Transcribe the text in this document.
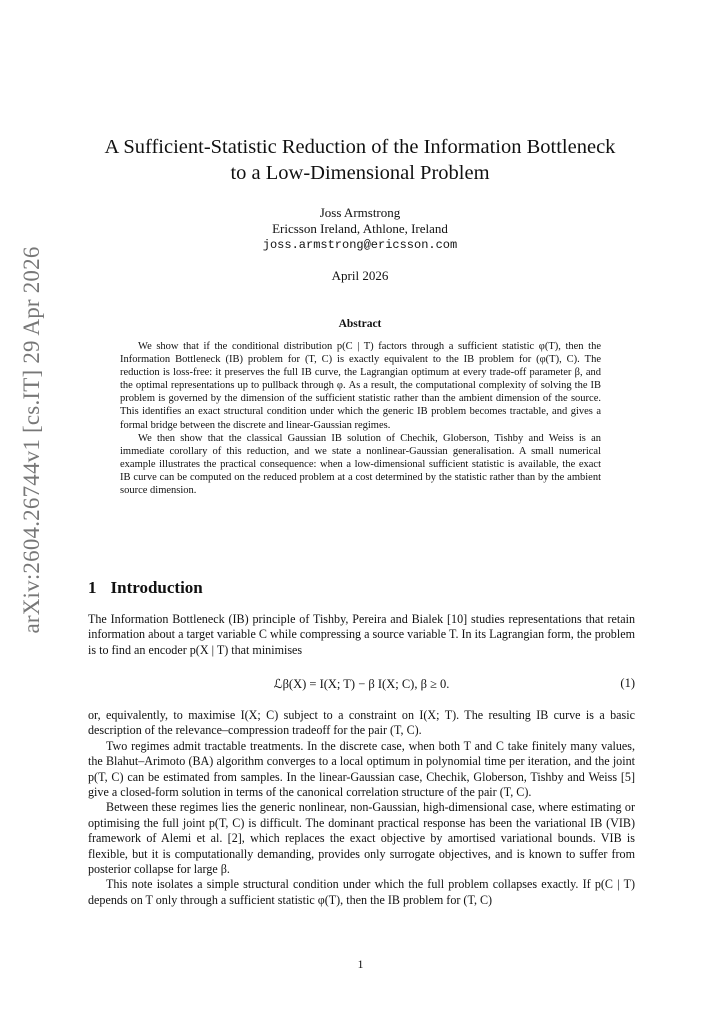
arXiv:2604.26744v1 [cs.IT] 29 Apr 2026
A Sufficient-Statistic Reduction of the Information Bottleneck
to a Low-Dimensional Problem
Joss Armstrong
Ericsson Ireland, Athlone, Ireland
joss.armstrong@ericsson.com
April 2026
Abstract

We show that if the conditional distribution p(C | T) factors through a sufficient statistic φ(T), then the Information Bottleneck (IB) problem for (T, C) is exactly equivalent to the IB problem for (φ(T), C). The reduction is loss-free: it preserves the full IB curve, the Lagrangian optimum at every trade-off parameter β, and the optimal representations up to pullback through φ. As a result, the computational complexity of solving the IB problem is governed by the dimension of the sufficient statistic rather than the ambient dimension of the source. This identifies an exact structural condition under which the generic IB problem becomes tractable, and gives a formal bridge between the discrete and linear-Gaussian regimes.

We then show that the classical Gaussian IB solution of Chechik, Globerson, Tishby and Weiss is an immediate corollary of this reduction, and we state a nonlinear-Gaussian generalisation. A small numerical example illustrates the practical consequence: when a low-dimensional sufficient statistic is available, the exact IB curve can be computed on the reduced problem at a cost determined by the statistic rather than by the ambient source dimension.

1 Introduction

The Information Bottleneck (IB) principle of Tishby, Pereira and Bialek [10] studies representations that retain information about a target variable C while compressing a source variable T. In its Lagrangian form, the problem is to find an encoder p(X | T) that minimises

ℒβ(X) = I(X; T) − β I(X; C), β ≥ 0.	(1)

or, equivalently, to maximise I(X; C) subject to a constraint on I(X; T). The resulting IB curve is a basic description of the relevance–compression tradeoff for the pair (T, C).

Two regimes admit tractable treatments. In the discrete case, when both T and C take finitely many values, the Blahut–Arimoto (BA) algorithm converges to a local optimum in polynomial time per iteration, and the joint p(T, C) can be estimated from samples. In the linear-Gaussian case, Chechik, Globerson, Tishby and Weiss [5] give a closed-form solution in terms of the canonical correlation structure of the pair (T, C).

Between these regimes lies the generic nonlinear, non-Gaussian, high-dimensional case, where estimating or optimising the full joint p(T, C) is difficult. The dominant practical response has been the variational IB (VIB) framework of Alemi et al. [2], which replaces the exact objective by amortised variational bounds. VIB is flexible, but it is computationally demanding, provides only surrogate objectives, and is known to suffer from posterior collapse for large β.

This note isolates a simple structural condition under which the full problem collapses exactly. If p(C | T) depends on T only through a sufficient statistic φ(T), then the IB problem for (T, C)

1
